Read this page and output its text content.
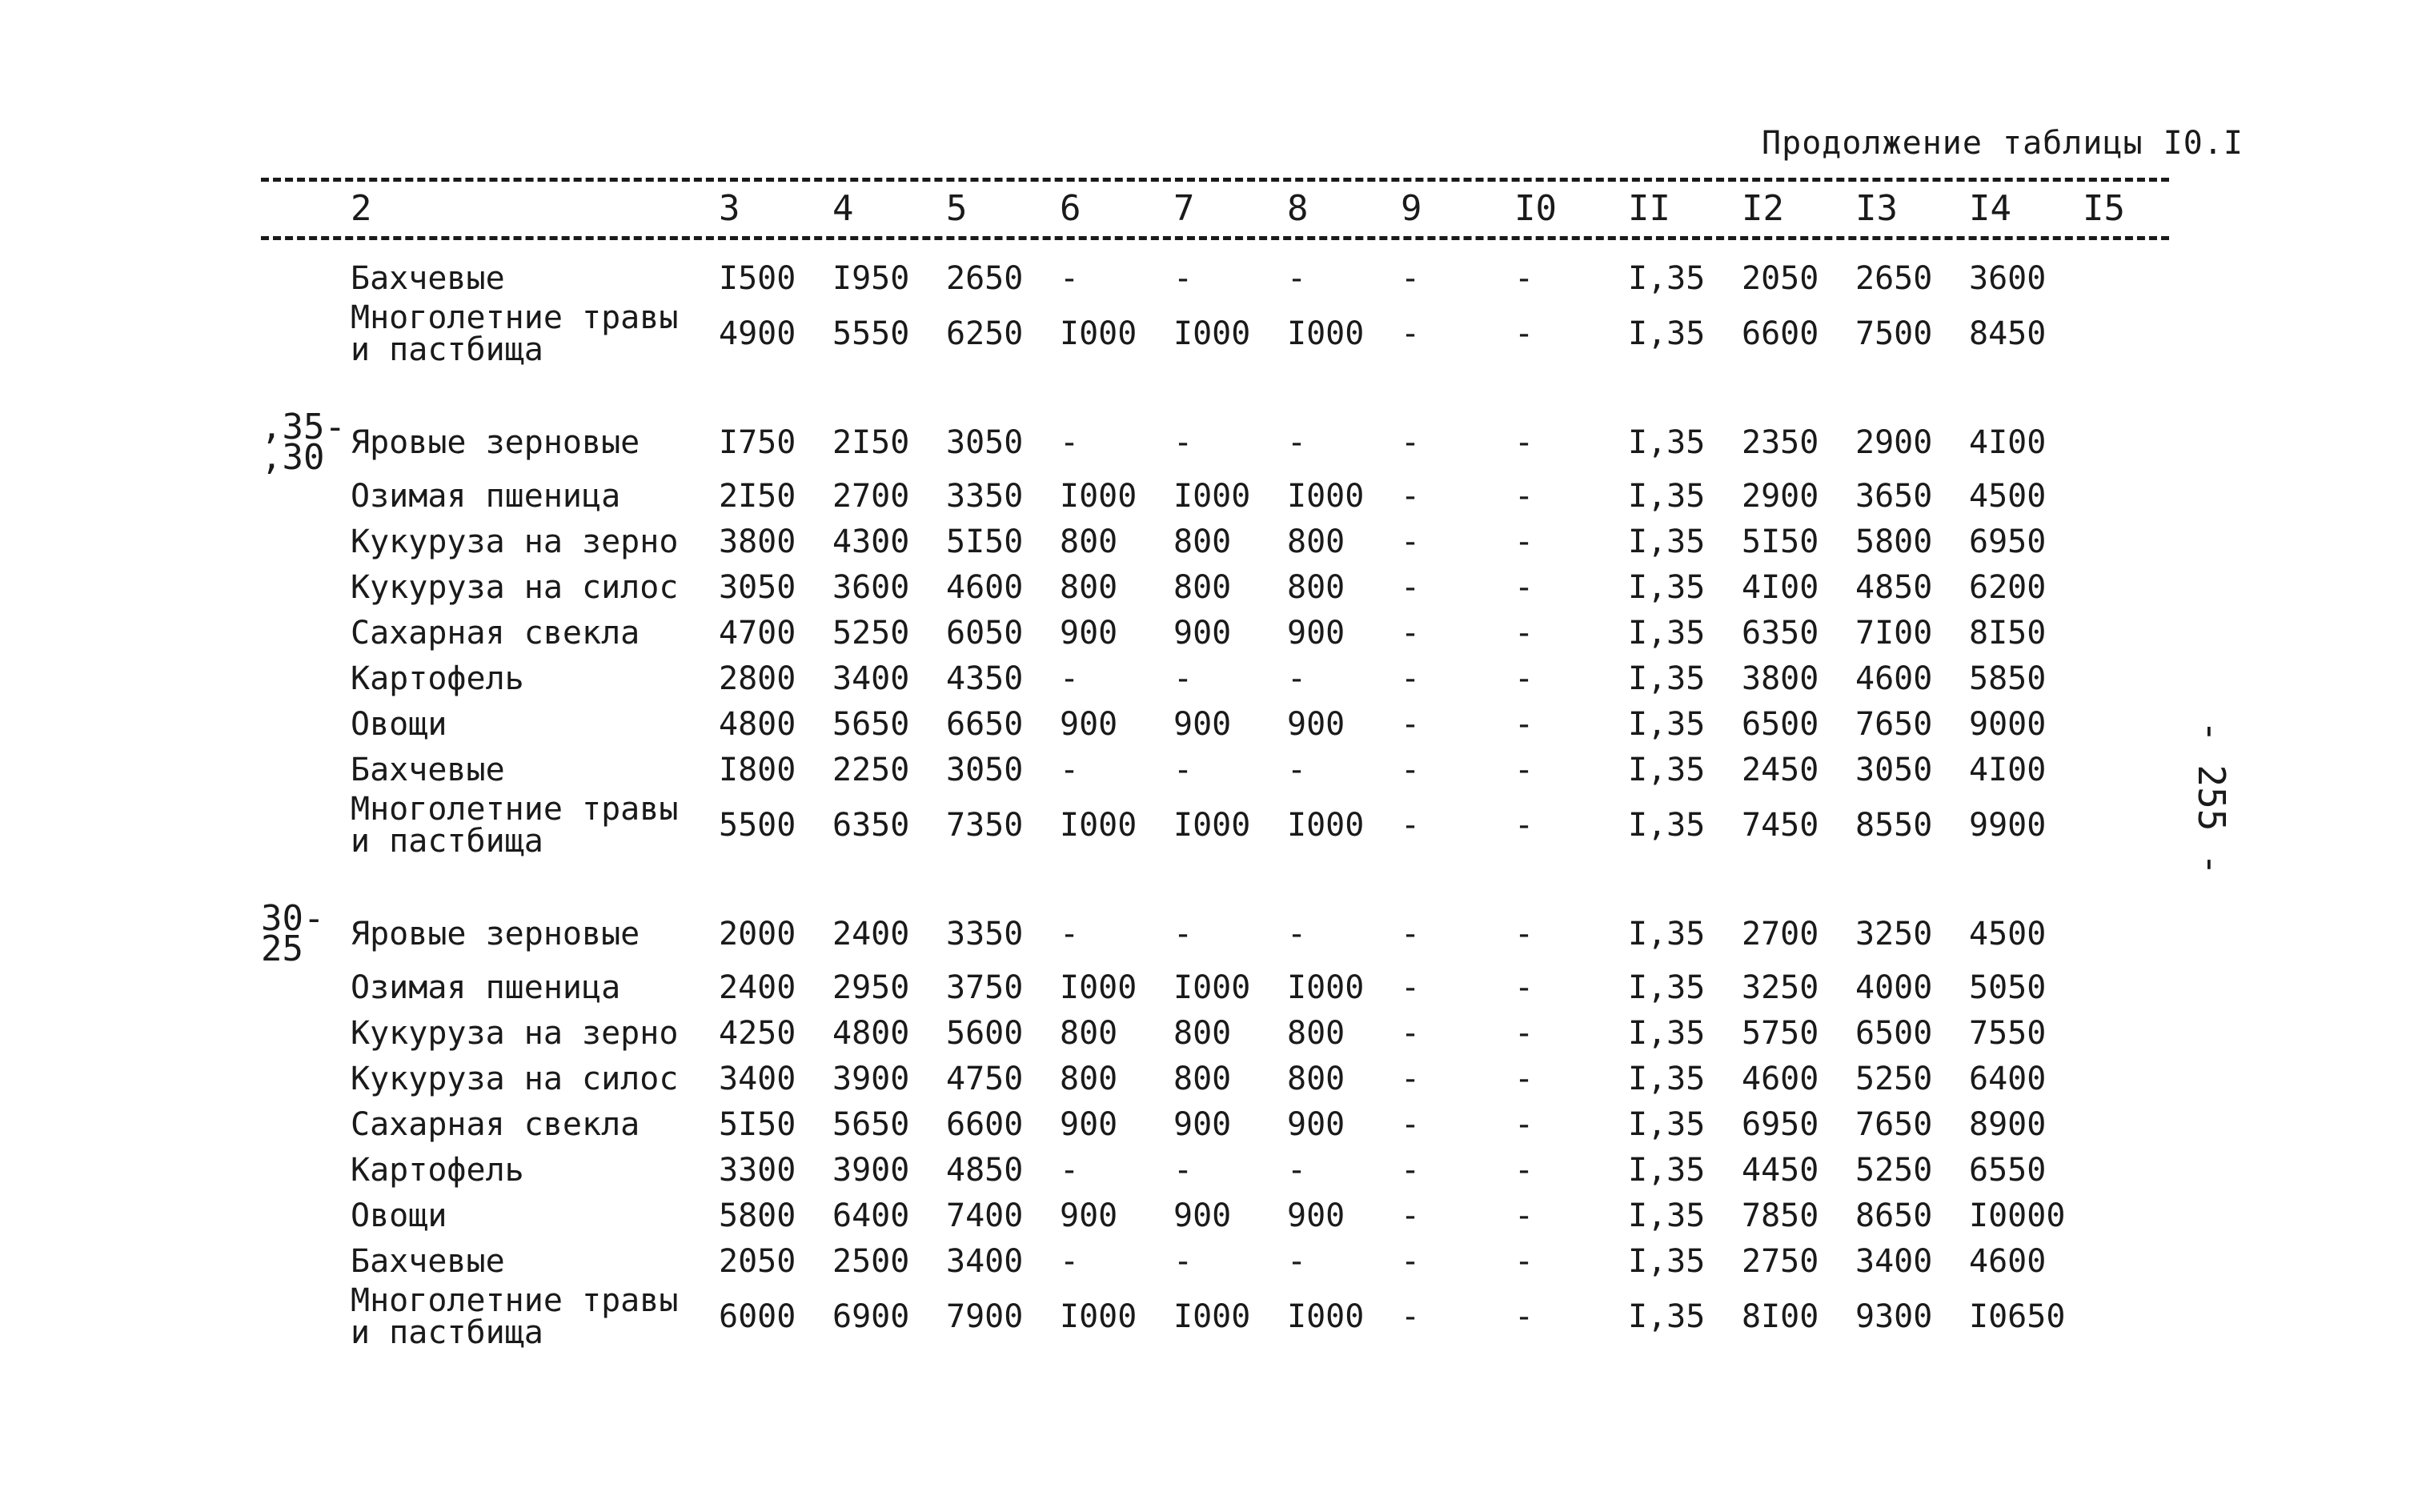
Продолжение таблицы I0.I
- 255 -
	2	3	4	5	6	7	8	9	I0	II	I2	I3	I4	I5

	Бахчевые	I500	I950	2650	-	-	-	-	-	I,35	2050	2650	3600	
	Многолетние травы
и пастбища	4900	5550	6250	I000	I000	I000	-	-	I,35	6600	7500	8450	

,35-
,30	Яровые зерновые	I750	2I50	3050	-	-	-	-	-	I,35	2350	2900	4I00	
	Озимая пшеница	2I50	2700	3350	I000	I000	I000	-	-	I,35	2900	3650	4500	
	Кукуруза на зерно	3800	4300	5I50	800	800	800	-	-	I,35	5I50	5800	6950	
	Кукуруза на силос	3050	3600	4600	800	800	800	-	-	I,35	4I00	4850	6200	
	Сахарная свекла	4700	5250	6050	900	900	900	-	-	I,35	6350	7I00	8I50	
	Картофель	2800	3400	4350	-	-	-	-	-	I,35	3800	4600	5850	
	Овощи	4800	5650	6650	900	900	900	-	-	I,35	6500	7650	9000	
	Бахчевые	I800	2250	3050	-	-	-	-	-	I,35	2450	3050	4I00	
	Многолетние травы
и пастбища	5500	6350	7350	I000	I000	I000	-	-	I,35	7450	8550	9900	

30-
25	Яровые зерновые	2000	2400	3350	-	-	-	-	-	I,35	2700	3250	4500	
	Озимая пшеница	2400	2950	3750	I000	I000	I000	-	-	I,35	3250	4000	5050	
	Кукуруза на зерно	4250	4800	5600	800	800	800	-	-	I,35	5750	6500	7550	
	Кукуруза на силос	3400	3900	4750	800	800	800	-	-	I,35	4600	5250	6400	
	Сахарная свекла	5I50	5650	6600	900	900	900	-	-	I,35	6950	7650	8900	
	Картофель	3300	3900	4850	-	-	-	-	-	I,35	4450	5250	6550	
	Овощи	5800	6400	7400	900	900	900	-	-	I,35	7850	8650	I0000	
	Бахчевые	2050	2500	3400	-	-	-	-	-	I,35	2750	3400	4600	
	Многолетние травы
и пастбища	6000	6900	7900	I000	I000	I000	-	-	I,35	8I00	9300	I0650	
